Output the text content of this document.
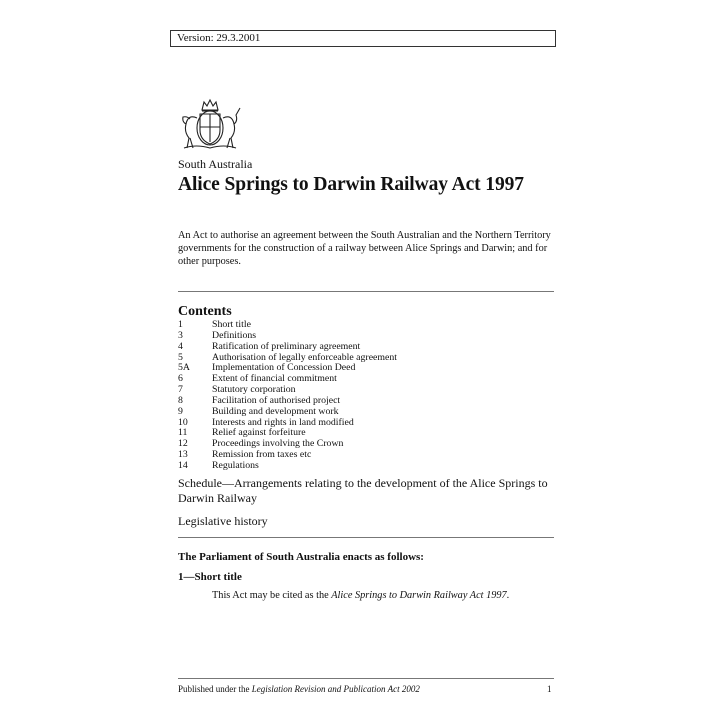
Version: 29.3.2001
South Australia
Alice Springs to Darwin Railway Act 1997
An Act to authorise an agreement between the South Australian and the Northern Territory governments for the construction of a railway between Alice Springs and Darwin; and for other purposes.
Contents
1	Short title
3	Definitions
4	Ratification of preliminary agreement
5	Authorisation of legally enforceable agreement
5A	Implementation of Concession Deed
6	Extent of financial commitment
7	Statutory corporation
8	Facilitation of authorised project
9	Building and development work
10	Interests and rights in land modified
11	Relief against forfeiture
12	Proceedings involving the Crown
13	Remission from taxes etc
14	Regulations
Schedule—Arrangements relating to the development of the Alice Springs to Darwin Railway
Legislative history
The Parliament of South Australia enacts as follows:
1—Short title
This Act may be cited as the Alice Springs to Darwin Railway Act 1997.
Published under the Legislation Revision and Publication Act 2002	1
